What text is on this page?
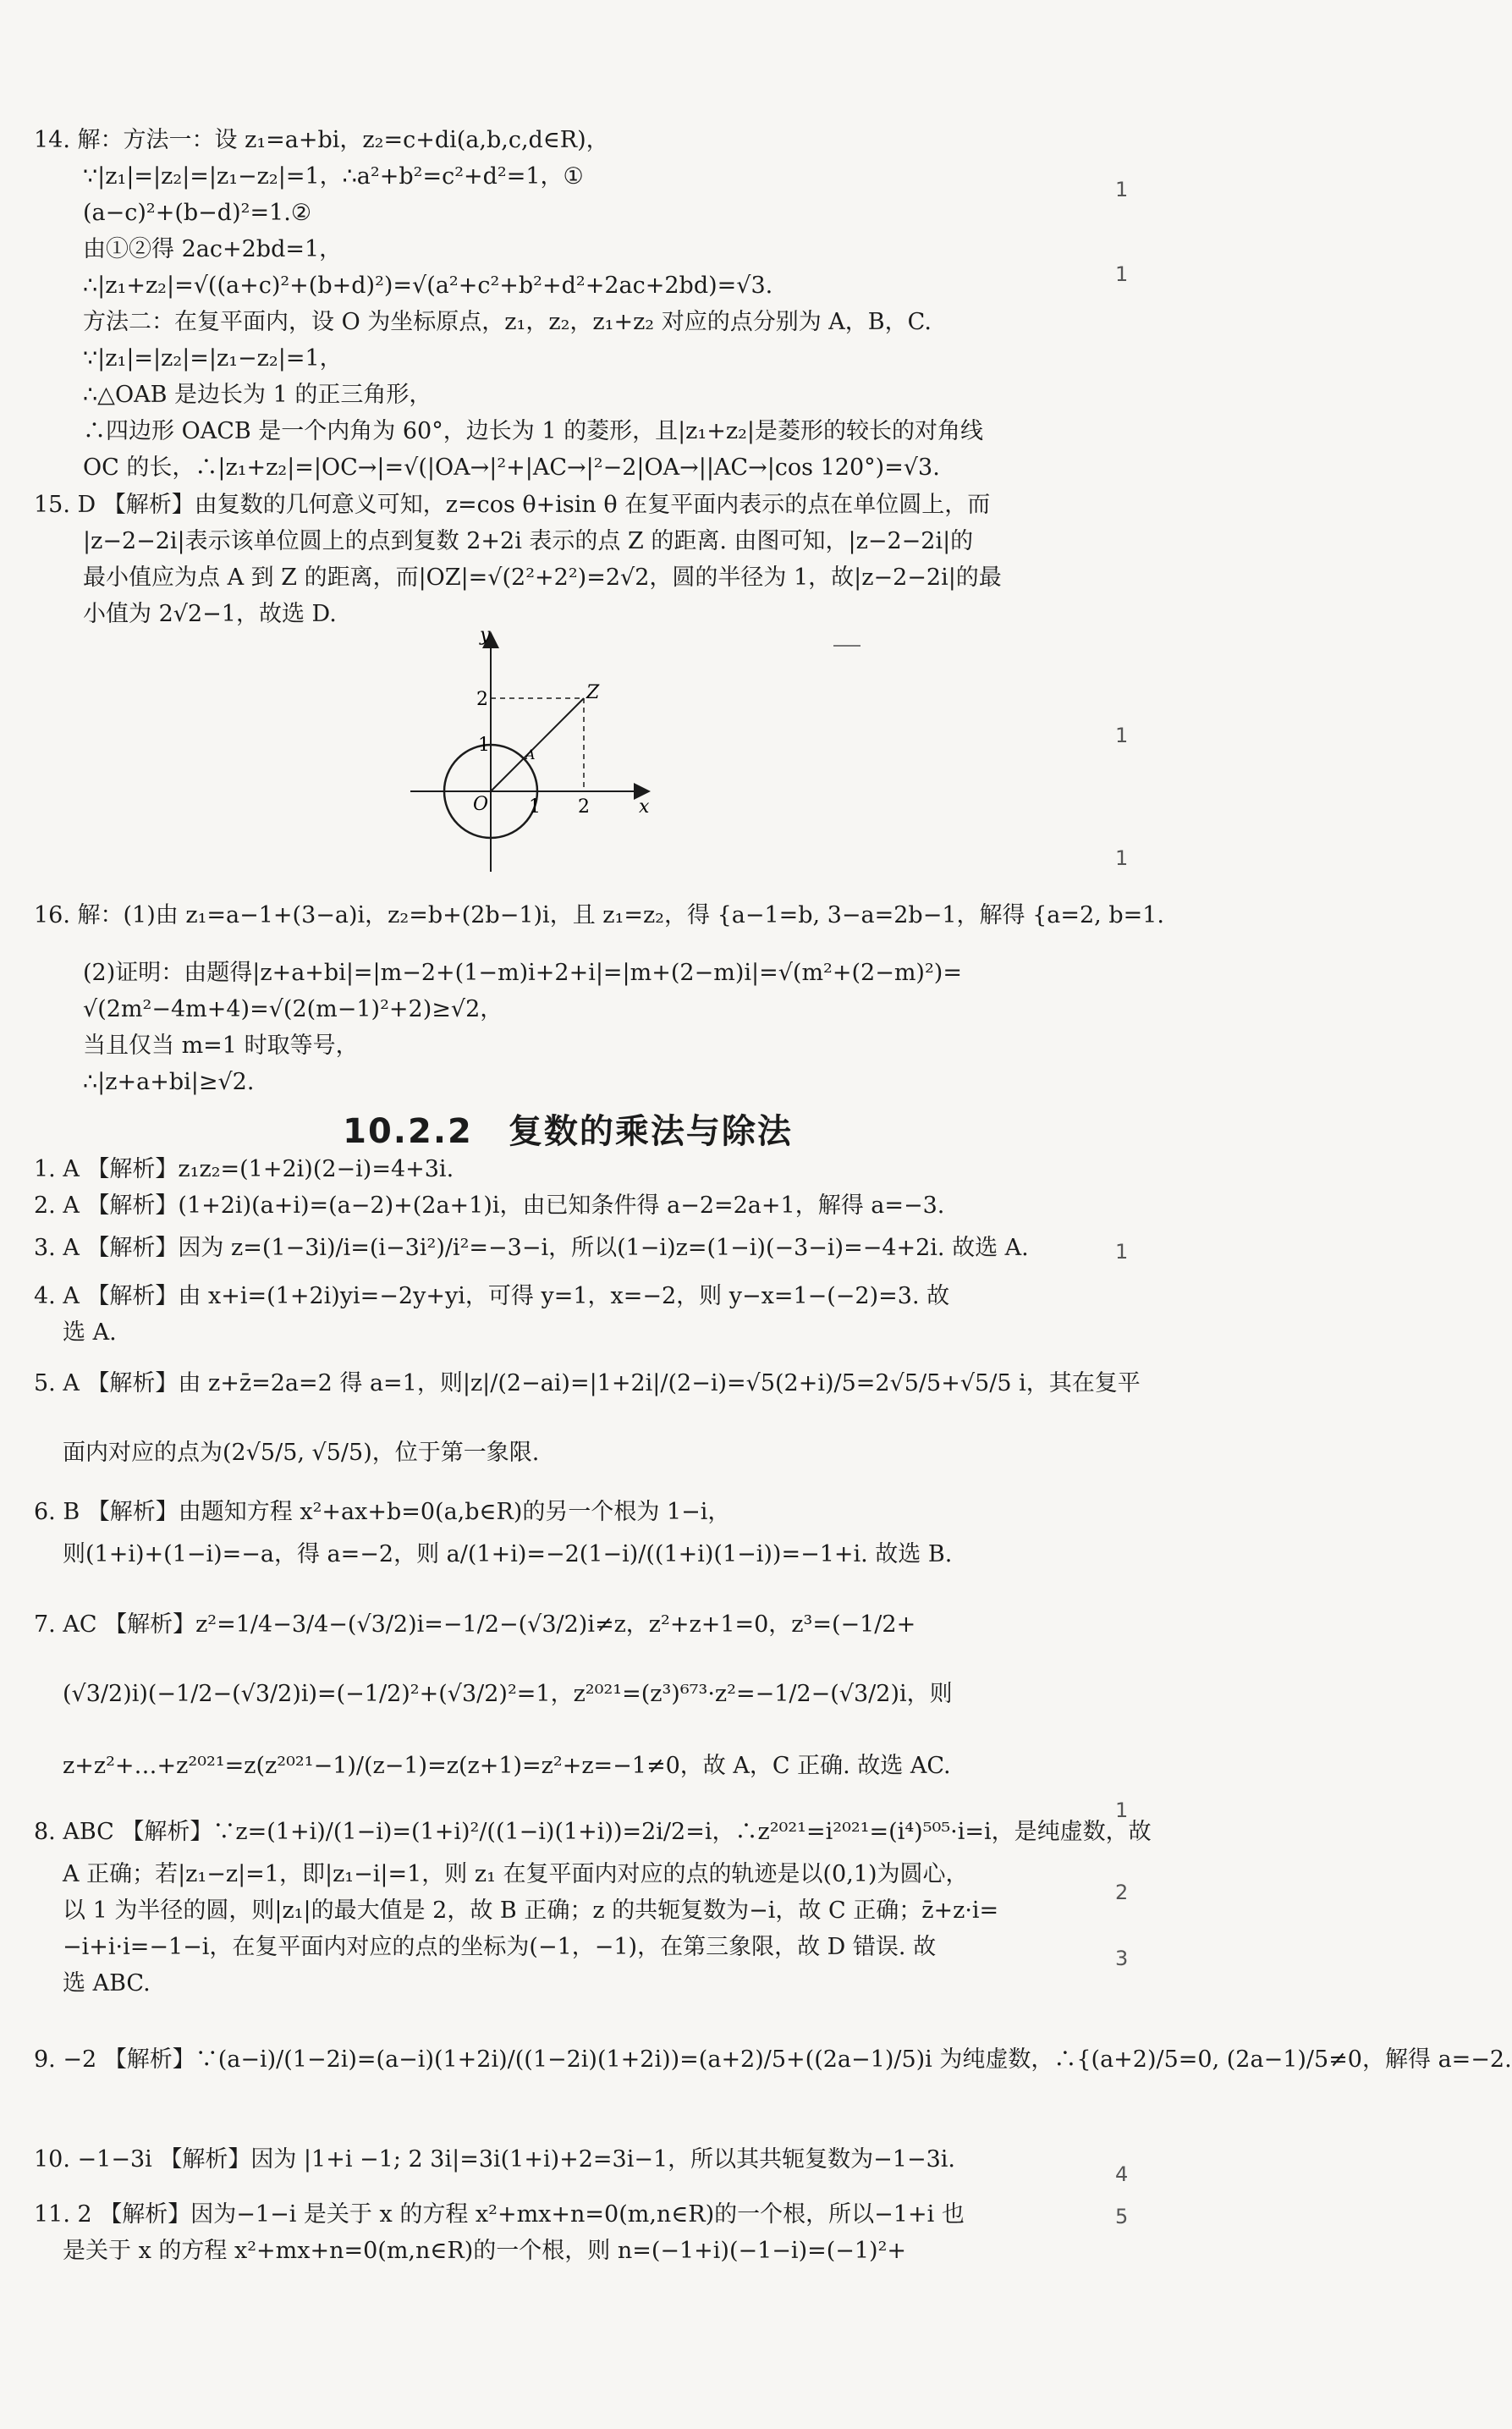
14. 解：方法一：设 z₁=a+bi，z₂=c+di(a,b,c,d∈R)，
∵|z₁|=|z₂|=|z₁−z₂|=1，∴a²+b²=c²+d²=1，①
(a−c)²+(b−d)²=1.②
由①②得 2ac+2bd=1，
∴|z₁+z₂|=√((a+c)²+(b+d)²)=√(a²+c²+b²+d²+2ac+2bd)=√3.
方法二：在复平面内，设 O 为坐标原点，z₁，z₂，z₁+z₂ 对应的点分别为 A，B，C.
∵|z₁|=|z₂|=|z₁−z₂|=1，
∴△OAB 是边长为 1 的正三角形，
∴四边形 OACB 是一个内角为 60°，边长为 1 的菱形，且|z₁+z₂|是菱形的较长的对角线
OC 的长，∴|z₁+z₂|=|OC→|=√(|OA→|²+|AC→|²−2|OA→||AC→|cos 120°)=√3.
15. D 【解析】由复数的几何意义可知，z=cos θ+isin θ 在复平面内表示的点在单位圆上，而
|z−2−2i|表示该单位圆上的点到复数 2+2i 表示的点 Z 的距离. 由图可知，|z−2−2i|的
最小值应为点 A 到 Z 的距离，而|OZ|=√(2²+2²)=2√2，圆的半径为 1，故|z−2−2i|的最
小值为 2√2−1，故选 D.
y
x
O
2
1
1 2
Z
A
16. 解：(1)由 z₁=a−1+(3−a)i，z₂=b+(2b−1)i，且 z₁=z₂，得 {a−1=b, 3−a=2b−1，解得 {a=2, b=1.
(2)证明：由题得|z+a+bi|=|m−2+(1−m)i+2+i|=|m+(2−m)i|=√(m²+(2−m)²)=
√(2m²−4m+4)=√(2(m−1)²+2)≥√2，
当且仅当 m=1 时取等号，
∴|z+a+bi|≥√2.
10.2.2　复数的乘法与除法
1. A 【解析】z₁z₂=(1+2i)(2−i)=4+3i.
2. A 【解析】(1+2i)(a+i)=(a−2)+(2a+1)i，由已知条件得 a−2=2a+1，解得 a=−3.
3. A 【解析】因为 z=(1−3i)/i=(i−3i²)/i²=−3−i，所以(1−i)z=(1−i)(−3−i)=−4+2i. 故选 A.
4. A 【解析】由 x+i=(1+2i)yi=−2y+yi，可得 y=1，x=−2，则 y−x=1−(−2)=3. 故
选 A.
5. A 【解析】由 z+z̄=2a=2 得 a=1，则|z|/(2−ai)=|1+2i|/(2−i)=√5(2+i)/5=2√5/5+√5/5 i，其在复平
面内对应的点为(2√5/5, √5/5)，位于第一象限.
6. B 【解析】由题知方程 x²+ax+b=0(a,b∈R)的另一个根为 1−i，
则(1+i)+(1−i)=−a，得 a=−2，则 a/(1+i)=−2(1−i)/((1+i)(1−i))=−1+i. 故选 B.
7. AC 【解析】z²=1/4−3/4−(√3/2)i=−1/2−(√3/2)i≠z，z²+z+1=0，z³=(−1/2+
(√3/2)i)(−1/2−(√3/2)i)=(−1/2)²+(√3/2)²=1，z²⁰²¹=(z³)⁶⁷³·z²=−1/2−(√3/2)i，则
z+z²+…+z²⁰²¹=z(z²⁰²¹−1)/(z−1)=z(z+1)=z²+z=−1≠0，故 A，C 正确. 故选 AC.
8. ABC 【解析】∵z=(1+i)/(1−i)=(1+i)²/((1−i)(1+i))=2i/2=i，∴z²⁰²¹=i²⁰²¹=(i⁴)⁵⁰⁵·i=i，是纯虚数，故
A 正确；若|z₁−z|=1，即|z₁−i|=1，则 z₁ 在复平面内对应的点的轨迹是以(0,1)为圆心，
以 1 为半径的圆，则|z₁|的最大值是 2，故 B 正确；z 的共轭复数为−i，故 C 正确；z̄+z·i=
−i+i·i=−1−i，在复平面内对应的点的坐标为(−1，−1)，在第三象限，故 D 错误. 故
选 ABC.
9. −2 【解析】∵(a−i)/(1−2i)=(a−i)(1+2i)/((1−2i)(1+2i))=(a+2)/5+((2a−1)/5)i 为纯虚数，∴{(a+2)/5=0, (2a−1)/5≠0，解得 a=−2.
10. −1−3i 【解析】因为 |1+i −1; 2 3i|=3i(1+i)+2=3i−1，所以其共轭复数为−1−3i.
11. 2 【解析】因为−1−i 是关于 x 的方程 x²+mx+n=0(m,n∈R)的一个根，所以−1+i 也
是关于 x 的方程 x²+mx+n=0(m,n∈R)的一个根，则 n=(−1+i)(−1−i)=(−1)²+
1
1
1
1
1
1
2
3
4
5
